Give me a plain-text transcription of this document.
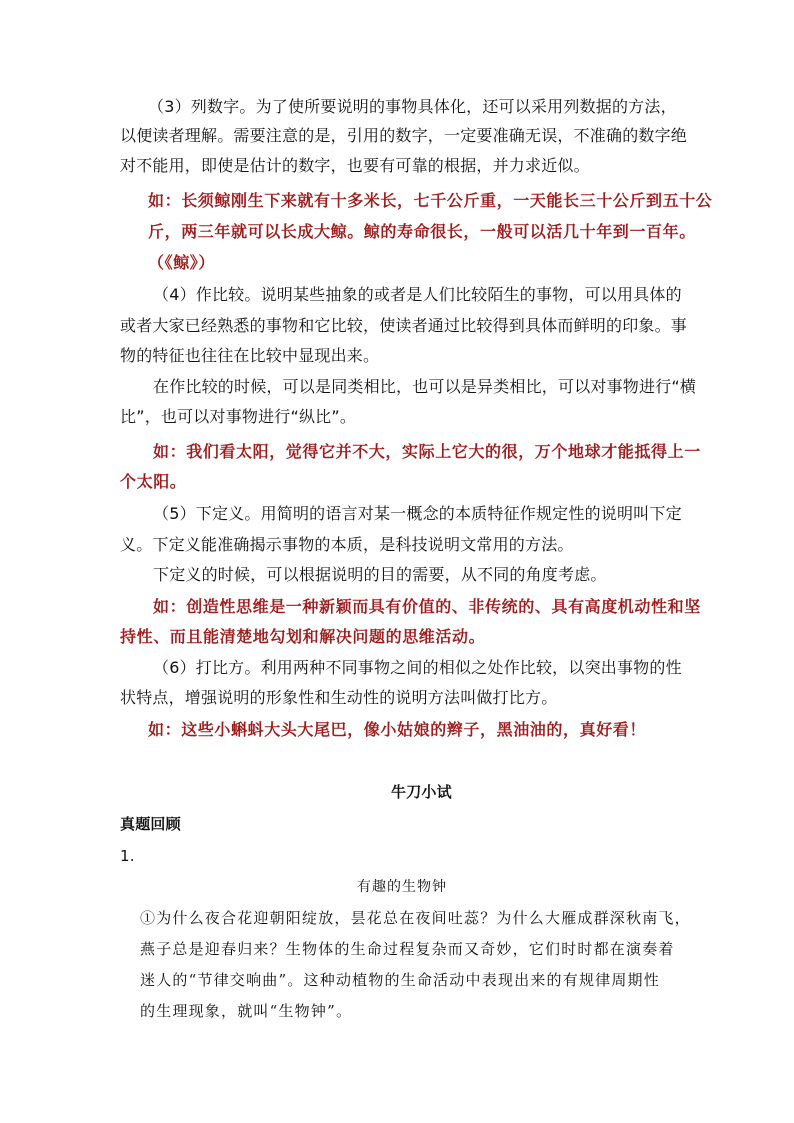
（3）列数字。为了使所要说明的事物具体化，还可以采用列数据的方法，
以便读者理解。需要注意的是，引用的数字，一定要准确无误，不准确的数字绝
对不能用，即使是估计的数字，也要有可靠的根据，并力求近似。
如：长须鲸刚生下来就有十多米长，七千公斤重，一天能长三十公斤到五十公
斤，两三年就可以长成大鲸。鲸的寿命很长，一般可以活几十年到一百年。
（《鲸》）
（4）作比较。说明某些抽象的或者是人们比较陌生的事物，可以用具体的
或者大家已经熟悉的事物和它比较，使读者通过比较得到具体而鲜明的印象。事
物的特征也往往在比较中显现出来。
在作比较的时候，可以是同类相比，也可以是异类相比，可以对事物进行“横
比”，也可以对事物进行“纵比”。
如：我们看太阳，觉得它并不大，实际上它大的很，万个地球才能抵得上一
个太阳。
（5）下定义。用简明的语言对某一概念的本质特征作规定性的说明叫下定
义。下定义能准确揭示事物的本质，是科技说明文常用的方法。
下定义的时候，可以根据说明的目的需要，从不同的角度考虑。
如：创造性思维是一种新颖而具有价值的、非传统的、具有高度机动性和坚
持性、而且能清楚地勾划和解决问题的思维活动。
（6）打比方。利用两种不同事物之间的相似之处作比较，以突出事物的性
状特点，增强说明的形象性和生动性的说明方法叫做打比方。
如：这些小蝌蚪大头大尾巴，像小姑娘的辫子，黑油油的，真好看！
牛刀小试
真题回顾
1.
有趣的生物钟
①为什么夜合花迎朝阳绽放，昙花总在夜间吐蕊？为什么大雁成群深秋南飞，
燕子总是迎春归来？生物体的生命过程复杂而又奇妙，它们时时都在演奏着
迷人的“节律交响曲”。这种动植物的生命活动中表现出来的有规律周期性
的生理现象，就叫“生物钟”。
